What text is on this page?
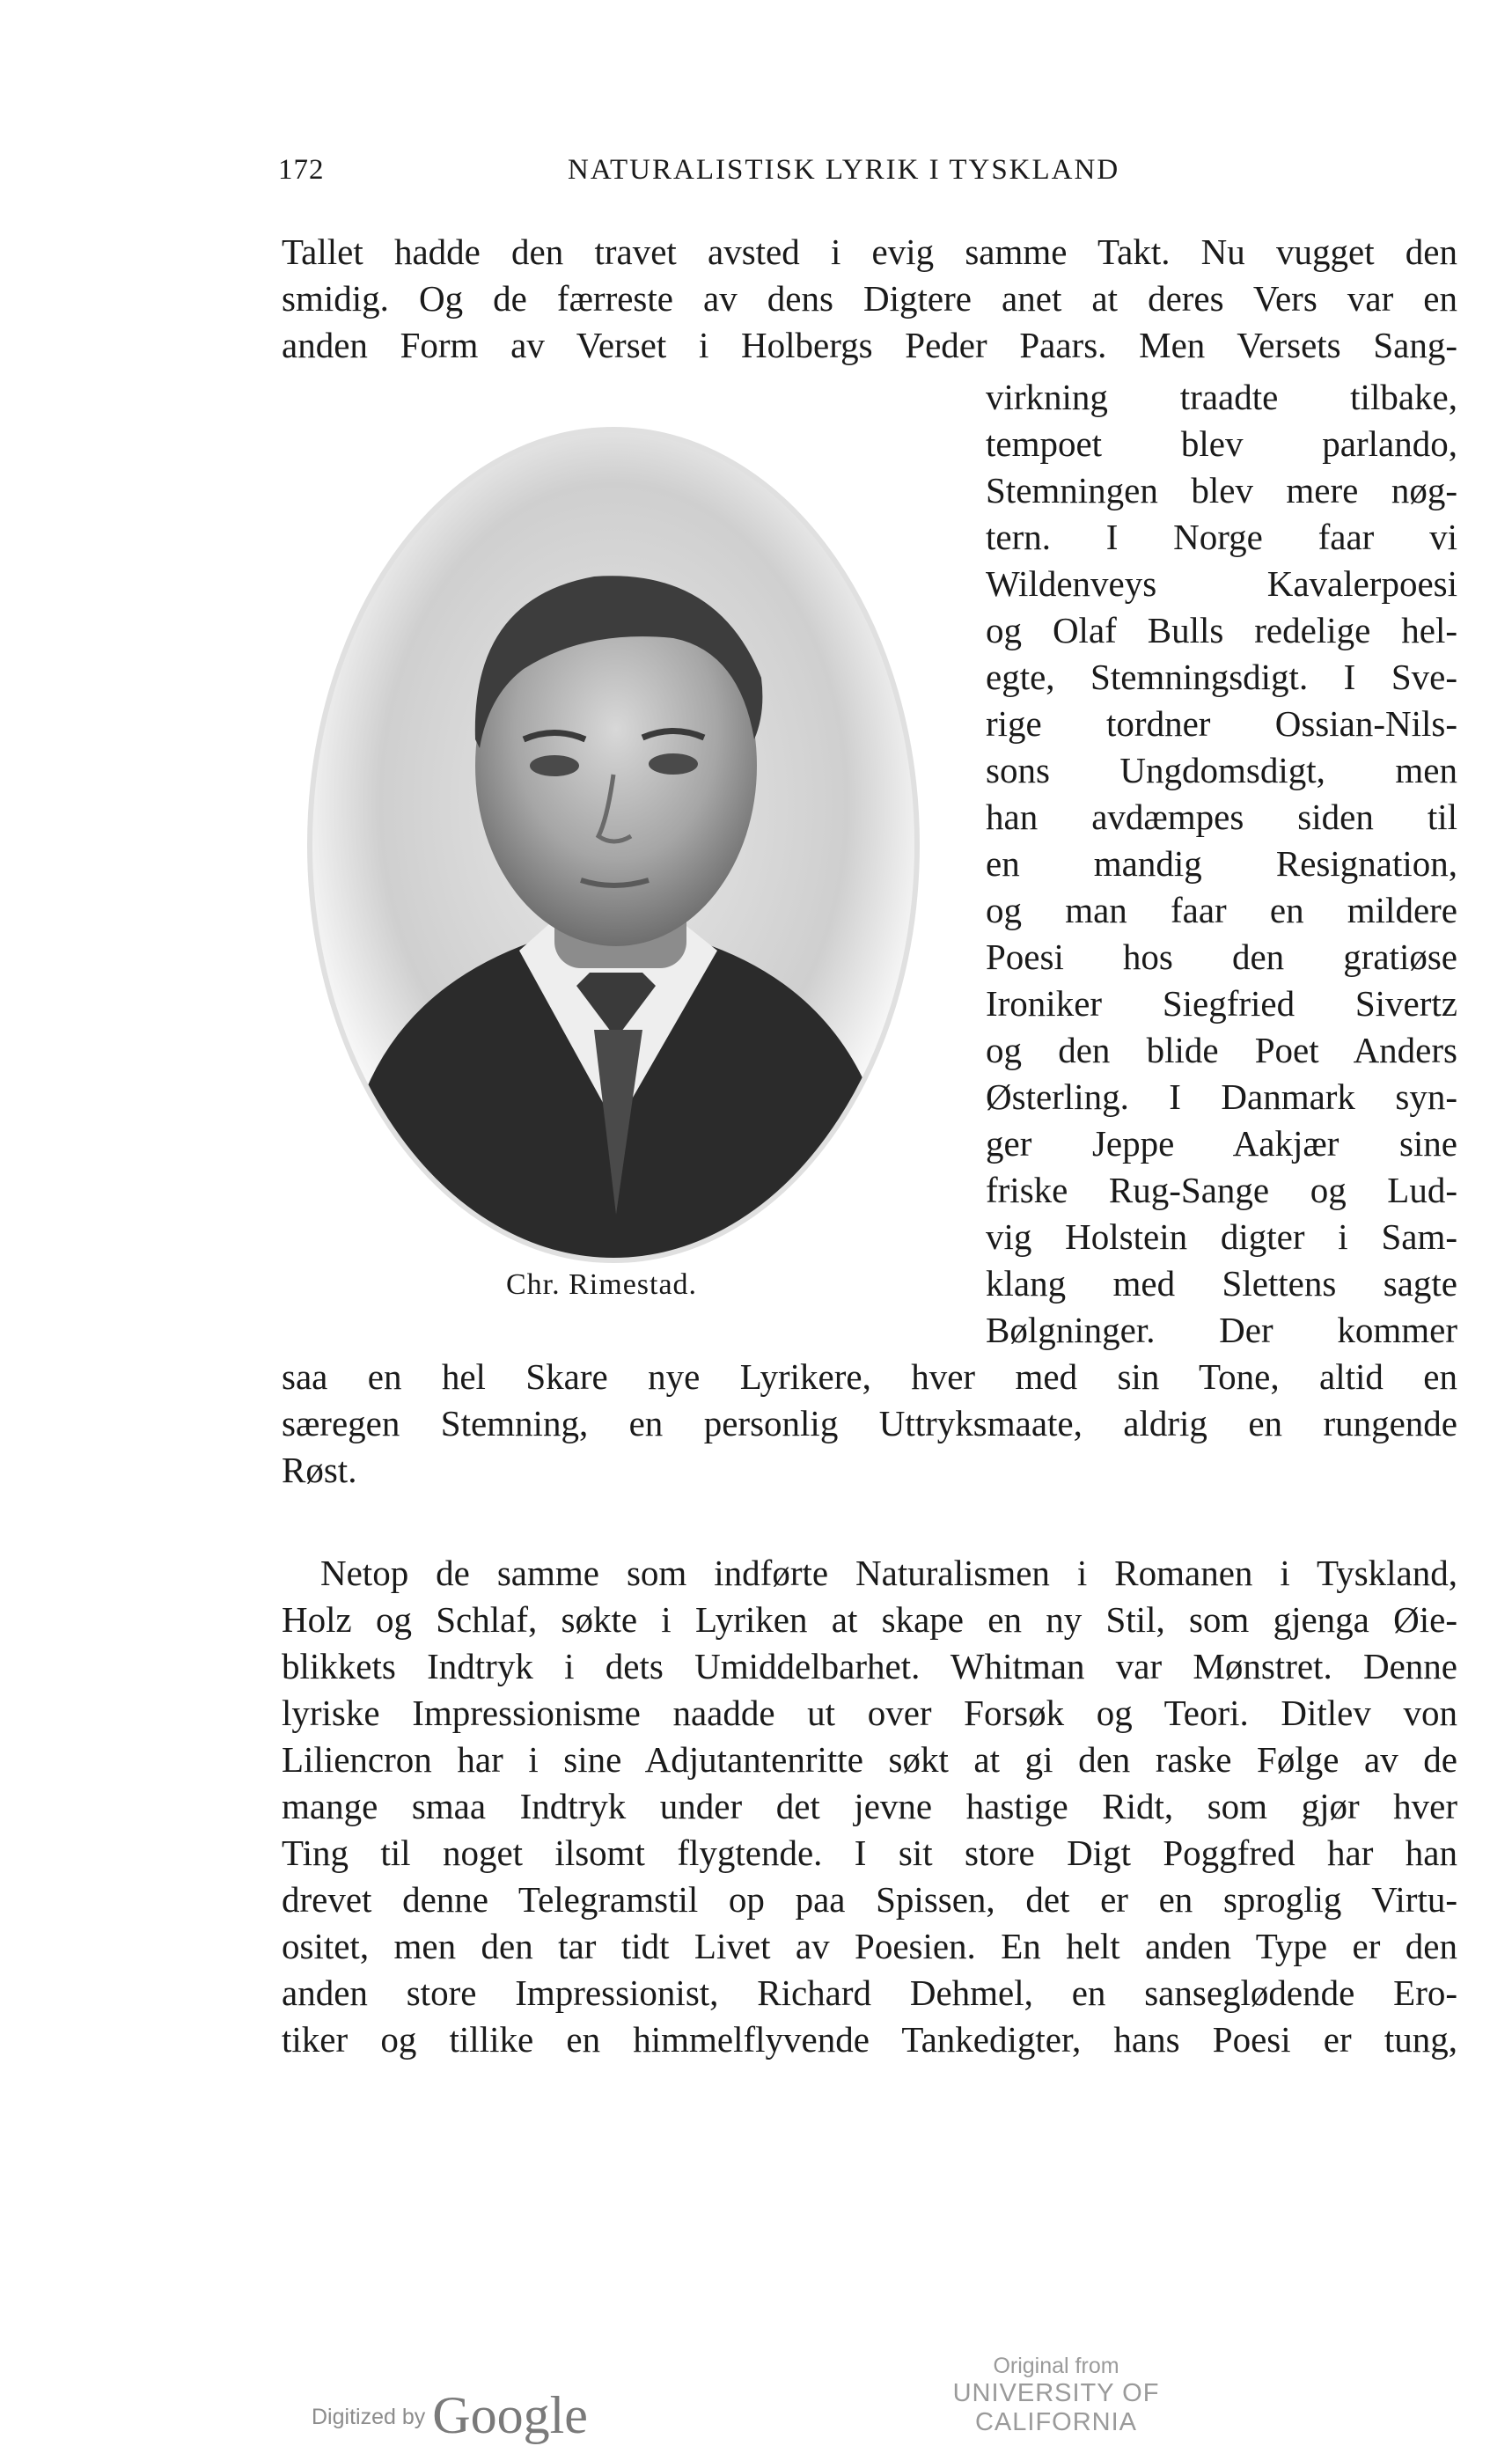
172	NATURALISTISK LYRIK I TYSKLAND
Tallet hadde den travet avsted i evig samme Takt. Nu vugget den
smidig. Og de færreste av dens Digtere anet at deres Vers var en
anden Form av Verset i Holbergs Peder Paars. Men Versets Sang-
virkning traadte tilbake,
tempoet blev parlando,
Stemningen blev mere nøg-
tern. I Norge faar vi
Wildenveys Kavalerpoesi
og Olaf Bulls redelige hel-
egte, Stemningsdigt. I Sve-
rige tordner Ossian-Nils-
sons Ungdomsdigt, men
han avdæmpes siden til
en mandig Resignation,
og man faar en mildere
Poesi hos den gratiøse
Ironiker Siegfried Sivertz
og den blide Poet Anders
Østerling. I Danmark syn-
ger Jeppe Aakjær sine
friske Rug-Sange og Lud-
vig Holstein digter i Sam-
klang med Slettens sagte
Bølgninger. Der kommer
saa en hel Skare nye Lyrikere, hver med sin Tone, altid en
særegen Stemning, en personlig Uttryksmaate, aldrig en rungende
Røst.
Chr. Rimestad.
Netop de samme som indførte Naturalismen i Romanen i Tyskland,
Holz og Schlaf, søkte i Lyriken at skape en ny Stil, som gjenga Øie-
blikkets Indtryk i dets Umiddelbarhet. Whitman var Mønstret. Denne
lyriske Impressionisme naadde ut over Forsøk og Teori. Ditlev von
Liliencron har i sine Adjutantenritte søkt at gi den raske Følge av de
mange smaa Indtryk under det jevne hastige Ridt, som gjør hver
Ting til noget ilsomt flygtende. I sit store Digt Poggfred har han
drevet denne Telegramstil op paa Spissen, det er en sproglig Virtu-
ositet, men den tar tidt Livet av Poesien. En helt anden Type er den
anden store Impressionist, Richard Dehmel, en sanseglødende Ero-
tiker og tillike en himmelflyvende Tankedigter, hans Poesi er tung,
Digitized by Google
Original from
UNIVERSITY OF CALIFORNIA
